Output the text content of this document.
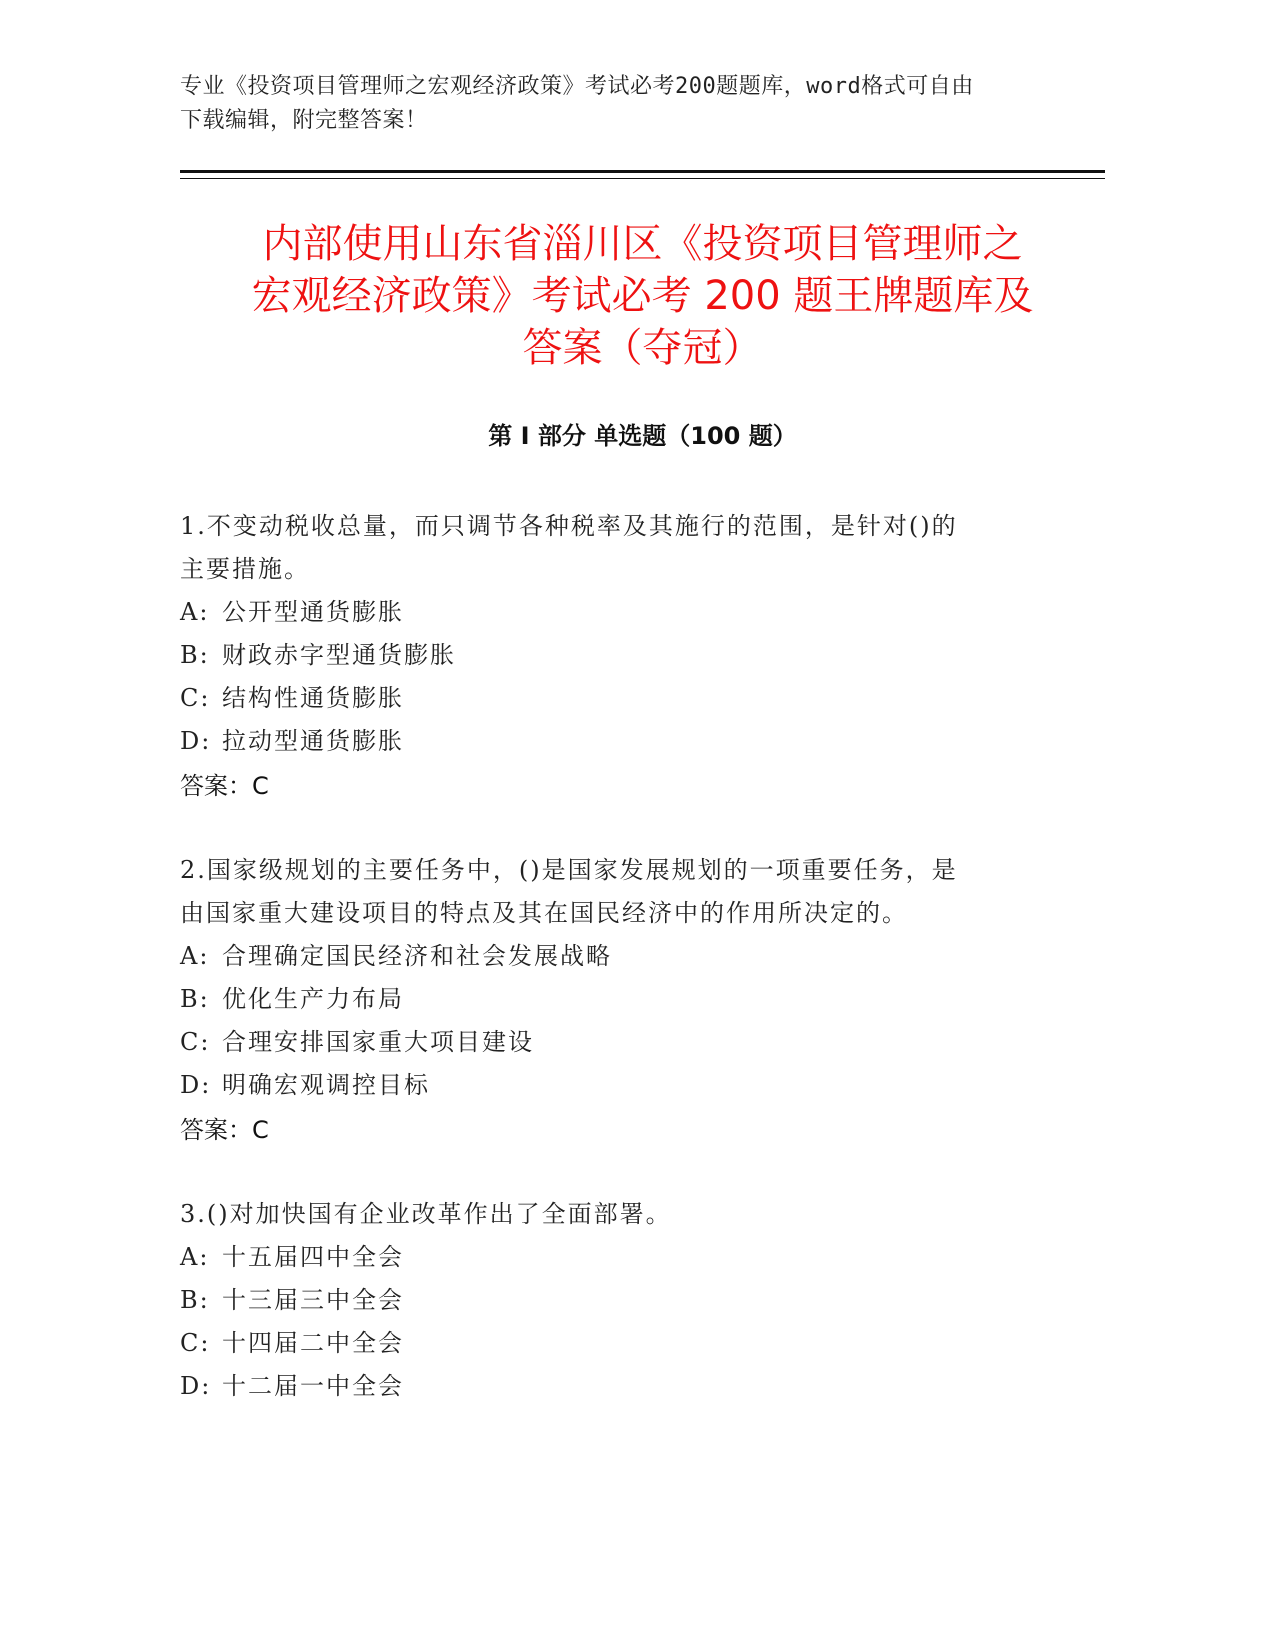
专业《投资项目管理师之宏观经济政策》考试必考200题题库，word格式可自由
下载编辑，附完整答案！
内部使用山东省淄川区《投资项目管理师之
宏观经济政策》考试必考 200 题王牌题库及
答案（夺冠）
第 I 部分 单选题（100 题）

1.不变动税收总量，而只调节各种税率及其施行的范围，是针对()的

主要措施。

A: 公开型通货膨胀

B: 财政赤字型通货膨胀

C: 结构性通货膨胀

D: 拉动型通货膨胀

答案：C

2.国家级规划的主要任务中，()是国家发展规划的一项重要任务，是

由国家重大建设项目的特点及其在国民经济中的作用所决定的。

A: 合理确定国民经济和社会发展战略

B: 优化生产力布局

C: 合理安排国家重大项目建设

D: 明确宏观调控目标

答案：C

3.()对加快国有企业改革作出了全面部署。

A: 十五届四中全会

B: 十三届三中全会

C: 十四届二中全会

D: 十二届一中全会
